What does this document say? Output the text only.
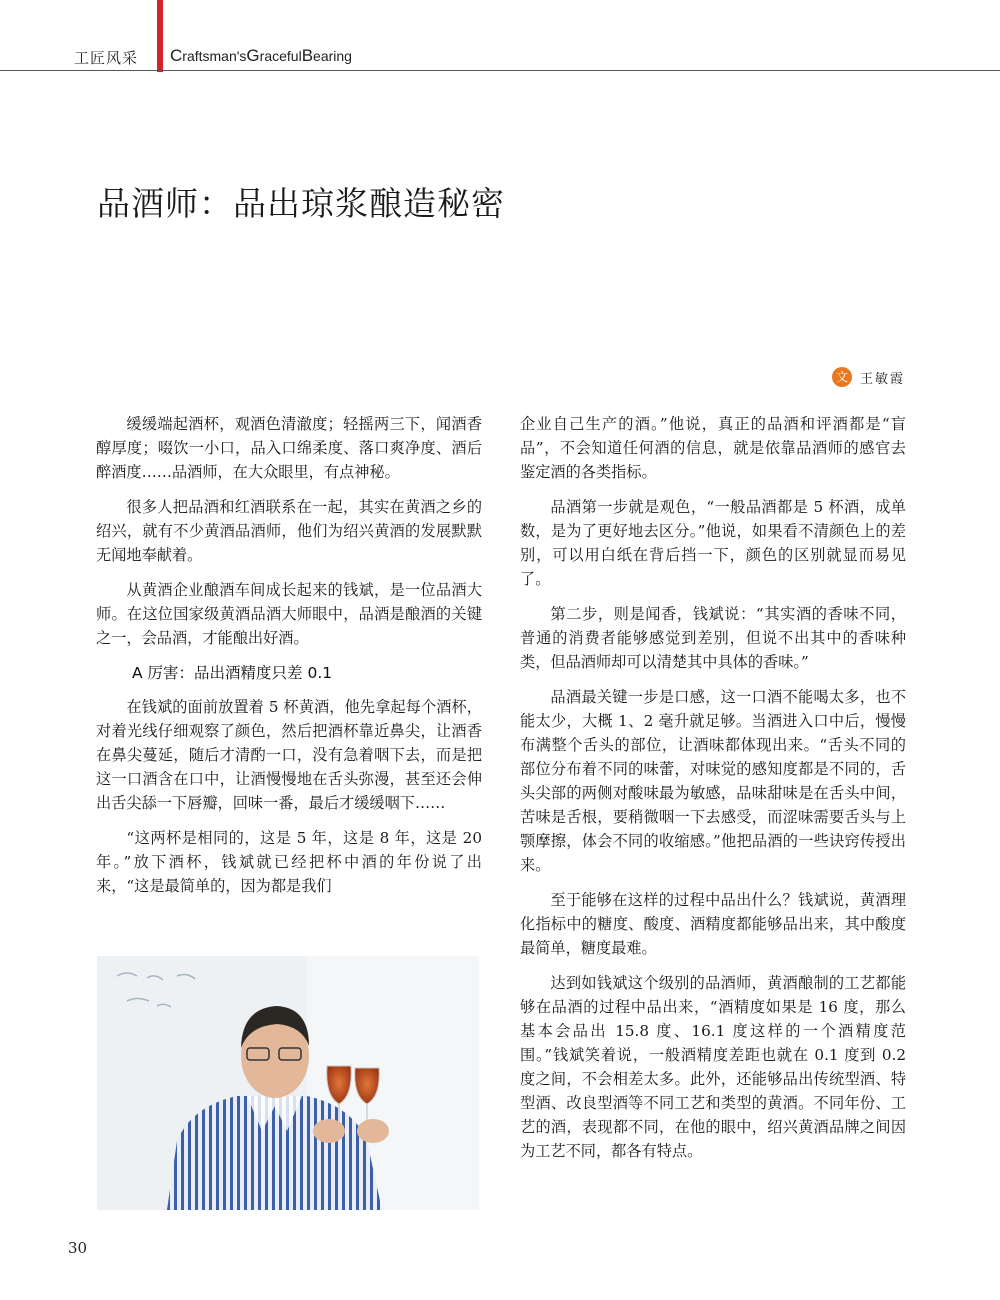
工匠风采 Craftsman'sGracefulBearing
品酒师：品出琼浆酿造秘密
文 王敏霞

缓缓端起酒杯，观酒色清澈度；轻摇两三下，闻酒香醇厚度；啜饮一小口，品入口绵柔度、落口爽净度、酒后醉酒度……品酒师，在大众眼里，有点神秘。

很多人把品酒和红酒联系在一起，其实在黄酒之乡的绍兴，就有不少黄酒品酒师，他们为绍兴黄酒的发展默默无闻地奉献着。

从黄酒企业酿酒车间成长起来的钱斌，是一位品酒大师。在这位国家级黄酒品酒大师眼中，品酒是酿酒的关键之一，会品酒，才能酿出好酒。

A 厉害：品出酒精度只差 0.1

在钱斌的面前放置着 5 杯黄酒，他先拿起每个酒杯，对着光线仔细观察了颜色，然后把酒杯靠近鼻尖，让酒香在鼻尖蔓延，随后才清酌一口，没有急着咽下去，而是把这一口酒含在口中，让酒慢慢地在舌头弥漫，甚至还会伸出舌尖舔一下唇瓣，回味一番，最后才缓缓咽下……

“这两杯是相同的，这是 5 年，这是 8 年，这是 20 年。”放下酒杯，钱斌就已经把杯中酒的年份说了出来，“这是最简单的，因为都是我们

企业自己生产的酒。”他说，真正的品酒和评酒都是“盲品”，不会知道任何酒的信息，就是依靠品酒师的感官去鉴定酒的各类指标。

品酒第一步就是观色，“一般品酒都是 5 杯酒，成单数，是为了更好地去区分。”他说，如果看不清颜色上的差别，可以用白纸在背后挡一下，颜色的区别就显而易见了。

第二步，则是闻香，钱斌说：“其实酒的香味不同，普通的消费者能够感觉到差别，但说不出其中的香味种类，但品酒师却可以清楚其中具体的香味。”

品酒最关键一步是口感，这一口酒不能喝太多，也不能太少，大概 1、2 毫升就足够。当酒进入口中后，慢慢布满整个舌头的部位，让酒味都体现出来。“舌头不同的部位分布着不同的味蕾，对味觉的感知度都是不同的，舌头尖部的两侧对酸味最为敏感，品味甜味是在舌头中间，苦味是舌根，要稍微咽一下去感受，而涩味需要舌头与上颚摩擦，体会不同的收缩感。”他把品酒的一些诀窍传授出来。

至于能够在这样的过程中品出什么？钱斌说，黄酒理化指标中的糖度、酸度、酒精度都能够品出来，其中酸度最简单，糖度最难。

达到如钱斌这个级别的品酒师，黄酒酿制的工艺都能够在品酒的过程中品出来，“酒精度如果是 16 度，那么基本会品出 15.8 度、16.1 度这样的一个酒精度范围。”钱斌笑着说，一般酒精度差距也就在 0.1 度到 0.2 度之间，不会相差太多。此外，还能够品出传统型酒、特型酒、改良型酒等不同工艺和类型的黄酒。不同年份、工艺的酒，表现都不同，在他的眼中，绍兴黄酒品牌之间因为工艺不同，都各有特点。

30
